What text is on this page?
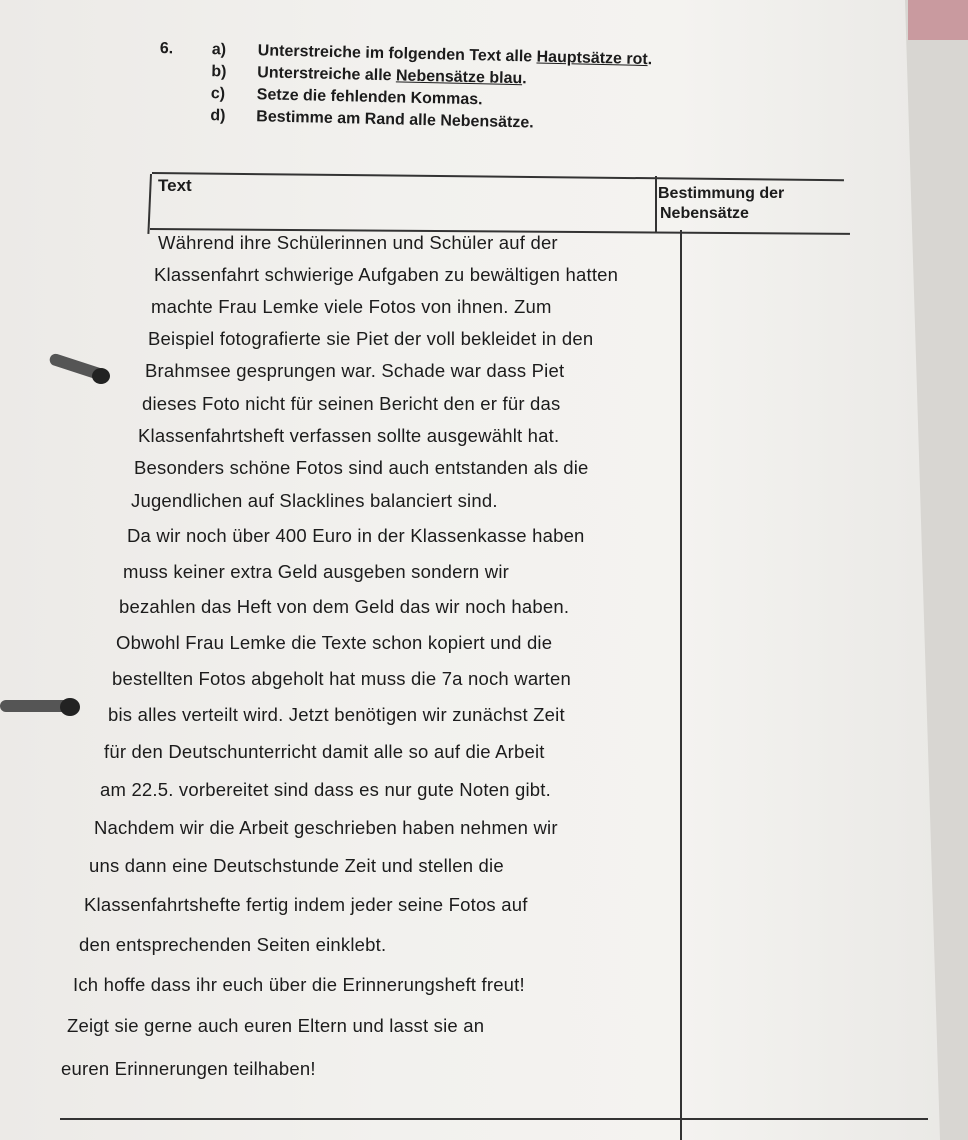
6. a) Unterstreiche im folgenden Text alle Hauptsätze rot.
b) Unterstreiche alle Nebensätze blau.
c) Setze die fehlenden Kommas.
d) Bestimme am Rand alle Nebensätze.
Text	Bestimmung der
Nebensätze
Während ihre Schülerinnen und Schüler auf der
Klassenfahrt schwierige Aufgaben zu bewältigen hatten
machte Frau Lemke viele Fotos von ihnen. Zum
Beispiel fotografierte sie Piet der voll bekleidet in den
Brahmsee gesprungen war. Schade war dass Piet
dieses Foto nicht für seinen Bericht den er für das
Klassenfahrtsheft verfassen sollte ausgewählt hat.
Besonders schöne Fotos sind auch entstanden als die
Jugendlichen auf Slacklines balanciert sind.
Da wir noch über 400 Euro in der Klassenkasse haben
muss keiner extra Geld ausgeben sondern wir
bezahlen das Heft von dem Geld das wir noch haben.
Obwohl Frau Lemke die Texte schon kopiert und die
bestellten Fotos abgeholt hat muss die 7a noch warten
bis alles verteilt wird. Jetzt benötigen wir zunächst Zeit
für den Deutschunterricht damit alle so auf die Arbeit
am 22.5. vorbereitet sind dass es nur gute Noten gibt.
Nachdem wir die Arbeit geschrieben haben nehmen wir
uns dann eine Deutschstunde Zeit und stellen die
Klassenfahrtshefte fertig indem jeder seine Fotos auf
den entsprechenden Seiten einklebt.
Ich hoffe dass ihr euch über die Erinnerungsheft freut!
Zeigt sie gerne auch euren Eltern und lasst sie an
euren Erinnerungen teilhaben!
